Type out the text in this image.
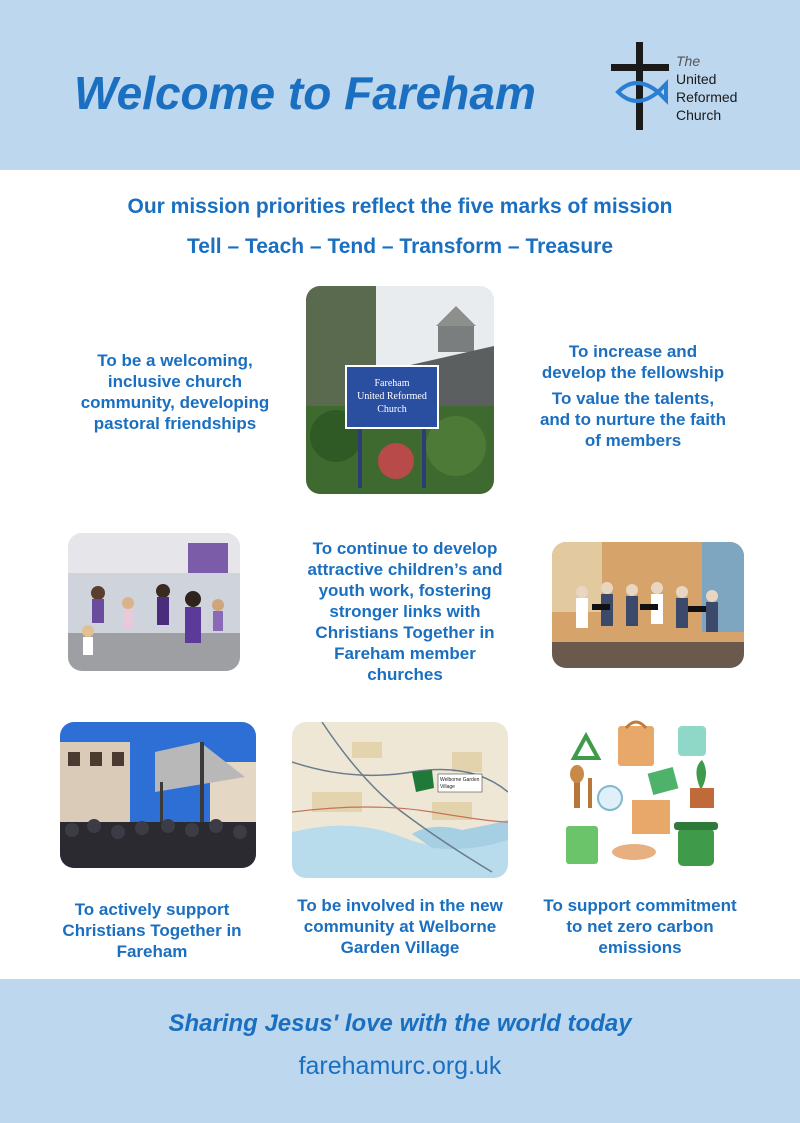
Welcome to Fareham
The
United
Reformed
Church

Our mission priorities reflect the five marks of mission

Tell – Teach – Tend – Transform – Treasure

To be a welcoming,
inclusive church
community, developing
pastoral friendships
Fareham
United Reformed
Church
To increase and
develop the fellowship
To value the talents,
and to nurture the faith
of members
To continue to develop
attractive children’s and
youth work, fostering
stronger links with
Christians Together in
Fareham member
churches
Welborne Garden
Village
To actively support
Christians Together in
Fareham
To be involved in the new
community at Welborne
Garden Village
To support commitment
to net zero carbon
emissions

Sharing Jesus' love with the world today

farehamurc.org.uk
